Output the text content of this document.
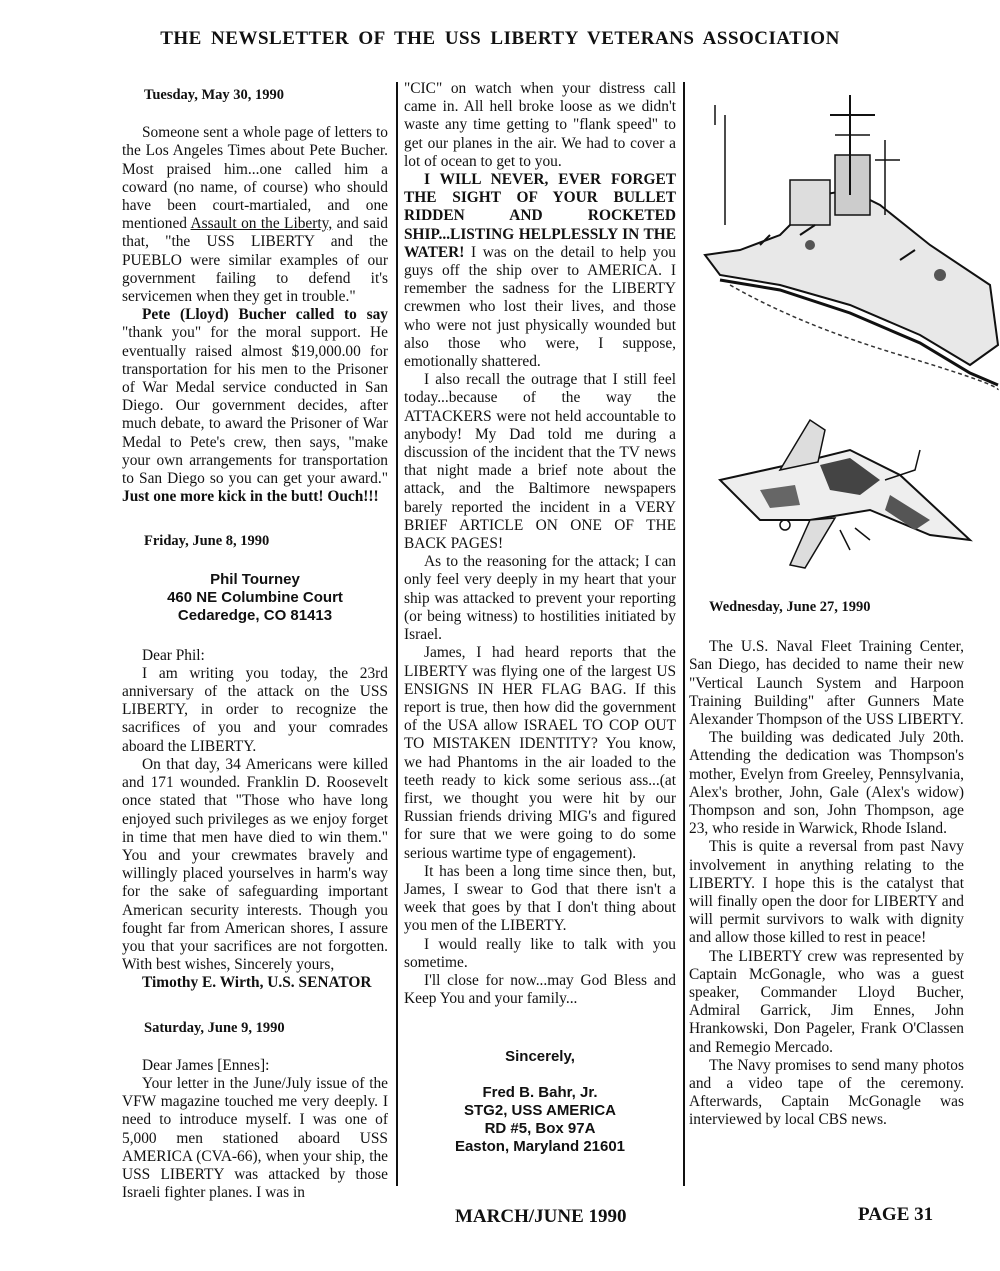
THE NEWSLETTER OF THE USS LIBERTY VETERANS ASSOCIATION
Tuesday, May 30, 1990

Someone sent a whole page of letters to the Los Angeles Times about Pete Bucher. Most praised him...one called him a coward (no name, of course) who should have been court-martialed, and one mentioned Assault on the Liberty, and said that, "the USS LIBERTY and the PUEBLO were similar examples of our government failing to defend it's servicemen when they get in trouble."

Pete (Lloyd) Bucher called to say "thank you" for the moral support. He eventually raised almost $19,000.00 for transportation for his men to the Prisoner of War Medal service conducted in San Diego. Our government decides, after much debate, to award the Prisoner of War Medal to Pete's crew, then says, "make your own arrangements for transportation to San Diego so you can get your award." Just one more kick in the butt! Ouch!!!

Friday, June 8, 1990
Phil Tourney
460 NE Columbine Court
Cedaredge, CO 81413

Dear Phil:

I am writing you today, the 23rd anniversary of the attack on the USS LIBERTY, in order to recognize the sacrifices of you and your comrades aboard the LIBERTY.

On that day, 34 Americans were killed and 171 wounded. Franklin D. Roosevelt once stated that "Those who have long enjoyed such privileges as we enjoy forget in time that men have died to win them." You and your crewmates bravely and willingly placed yourselves in harm's way for the sake of safeguarding important American security interests. Though you fought far from American shores, I assure you that your sacrifices are not forgotten. With best wishes, Sincerely yours,

Timothy E. Wirth, U.S. SENATOR

Saturday, June 9, 1990

Dear James [Ennes]:

Your letter in the June/July issue of the VFW magazine touched me very deeply. I need to introduce myself. I was one of 5,000 men stationed aboard USS AMERICA (CVA-66), when your ship, the USS LIBERTY was attacked by those Israeli fighter planes. I was in

"CIC" on watch when your distress call came in. All hell broke loose as we didn't waste any time getting to "flank speed" to get our planes in the air. We had to cover a lot of ocean to get to you.

I WILL NEVER, EVER FORGET THE SIGHT OF YOUR BULLET RIDDEN AND ROCKETED SHIP...LISTING HELPLESSLY IN THE WATER! I was on the detail to help you guys off the ship over to AMERICA. I remember the sadness for the LIBERTY crewmen who lost their lives, and those who were not just physically wounded but also those who were, I suppose, emotionally shattered.

I also recall the outrage that I still feel today...because of the way the ATTACKERS were not held accountable to anybody! My Dad told me during a discussion of the incident that the TV news that night made a brief note about the attack, and the Baltimore newspapers barely reported the incident in a VERY BRIEF ARTICLE ON ONE OF THE BACK PAGES!

As to the reasoning for the attack; I can only feel very deeply in my heart that your ship was attacked to prevent your reporting (or being witness) to hostilities initiated by Israel.

James, I had heard reports that the LIBERTY was flying one of the largest US ENSIGNS IN HER FLAG BAG. If this report is true, then how did the government of the USA allow ISRAEL TO COP OUT TO MISTAKEN IDENTITY? You know, we had Phantoms in the air loaded to the teeth ready to kick some serious ass...(at first, we thought you were hit by our Russian friends driving MIG's and figured for sure that we were going to do some serious wartime type of engagement).

It has been a long time since then, but, James, I swear to God that there isn't a week that goes by that I don't thing about you men of the LIBERTY.

I would really like to talk with you sometime.

I'll close for now...may God Bless and Keep You and your family...

Sincerely,
Fred B. Bahr, Jr.
STG2, USS AMERICA
RD #5, Box 97A
Easton, Maryland 21601
Wednesday, June 27, 1990

The U.S. Naval Fleet Training Center, San Diego, has decided to name their new "Vertical Launch System and Harpoon Training Building" after Gunners Mate Alexander Thompson of the USS LIBERTY.

The building was dedicated July 20th. Attending the dedication was Thompson's mother, Evelyn from Greeley, Pennsylvania, Alex's brother, John, Gale (Alex's widow) Thompson and son, John Thompson, age 23, who reside in Warwick, Rhode Island.

This is quite a reversal from past Navy involvement in anything relating to the LIBERTY. I hope this is the catalyst that will finally open the door for LIBERTY and will permit survivors to walk with dignity and allow those killed to rest in peace!

The LIBERTY crew was represented by Captain McGonagle, who was a guest speaker, Commander Lloyd Bucher, Admiral Garrick, Jim Ennes, John Hrankowski, Don Pageler, Frank O'Classen and Remegio Mercado.

The Navy promises to send many photos and a video tape of the ceremony. Afterwards, Captain McGonagle was interviewed by local CBS news.

MARCH/JUNE 1990	PAGE 31
